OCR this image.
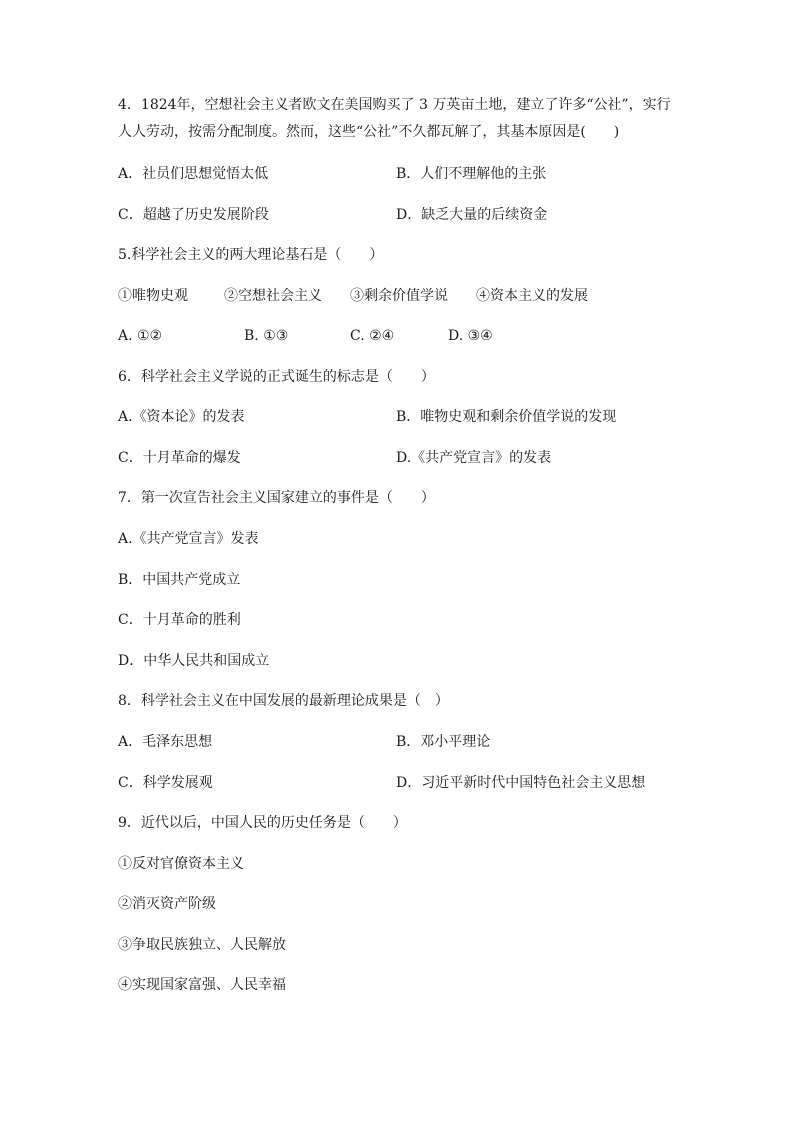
4．1824年，空想社会主义者欧文在美国购买了 3 万英亩土地，建立了许多“公社”，实行
人人劳动，按需分配制度。然而，这些“公社”不久都瓦解了，其基本原因是(　　)
A．社员们思想觉悟太低	B．人们不理解他的主张
C．超越了历史发展阶段	D．缺乏大量的后续资金
5.科学社会主义的两大理论基石是（　　）
①唯物史观	②空想社会主义 ③剩余价值学说 ④资本主义的发展
A. ①②	B. ①③	C. ②④	D. ③④
6．科学社会主义学说的正式诞生的标志是（　　）
A.《资本论》的发表	B．唯物史观和剩余价值学说的发现
C．十月革命的爆发	D.《共产党宣言》的发表
7．第一次宣告社会主义国家建立的事件是（　　）
A.《共产党宣言》发表
B．中国共产党成立
C．十月革命的胜利
D．中华人民共和国成立
8．科学社会主义在中国发展的最新理论成果是（　）
A．毛泽东思想	B．邓小平理论
C．科学发展观	D．习近平新时代中国特色社会主义思想
9．近代以后，中国人民的历史任务是（　　）
①反对官僚资本主义
②消灭资产阶级
③争取民族独立、人民解放
④实现国家富强、人民幸福
